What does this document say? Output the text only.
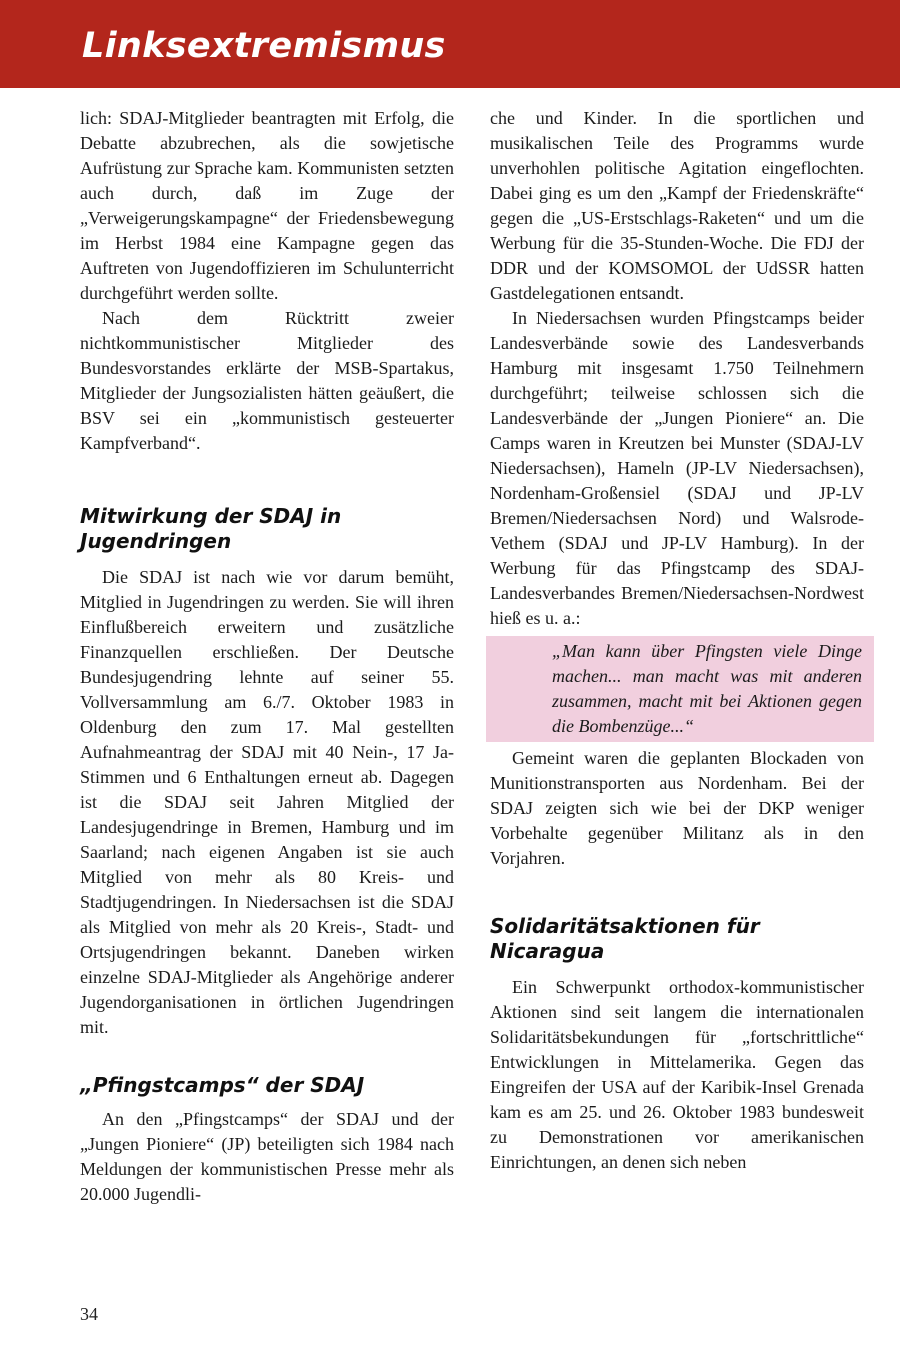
Linksextremismus

lich: SDAJ-Mitglieder beantragten mit Erfolg, die Debatte abzubrechen, als die sowjetische Aufrüstung zur Sprache kam. Kommunisten setzten auch durch, daß im Zuge der „Verweigerungskampagne“ der Friedensbewegung im Herbst 1984 eine Kampagne gegen das Auftreten von Jugendoffizieren im Schulunterricht durchgeführt werden sollte.

Nach dem Rücktritt zweier nichtkommunistischer Mitglieder des Bundesvorstandes erklärte der MSB-Spartakus, Mitglieder der Jungsozialisten hätten geäußert, die BSV sei ein „kommunistisch gesteuerter Kampfverband“.

Mitwirkung der SDAJ in Jugendringen

Die SDAJ ist nach wie vor darum bemüht, Mitglied in Jugendringen zu werden. Sie will ihren Einflußbereich erweitern und zusätzliche Finanzquellen erschließen. Der Deutsche Bundesjugendring lehnte auf seiner 55. Vollversammlung am 6./7. Oktober 1983 in Oldenburg den zum 17. Mal gestellten Aufnahmeantrag der SDAJ mit 40 Nein-, 17 Ja-Stimmen und 6 Enthaltungen erneut ab. Dagegen ist die SDAJ seit Jahren Mitglied der Landesjugendringe in Bremen, Hamburg und im Saarland; nach eigenen Angaben ist sie auch Mitglied von mehr als 80 Kreis- und Stadtjugendringen. In Niedersachsen ist die SDAJ als Mitglied von mehr als 20 Kreis-, Stadt- und Ortsjugendringen bekannt. Daneben wirken einzelne SDAJ-Mitglieder als Angehörige anderer Jugendorganisationen in örtlichen Jugendringen mit.

„Pfingstcamps“ der SDAJ

An den „Pfingstcamps“ der SDAJ und der „Jungen Pioniere“ (JP) beteiligten sich 1984 nach Meldungen der kommunistischen Presse mehr als 20.000 Jugendli-

che und Kinder. In die sportlichen und musikalischen Teile des Programms wurde unverhohlen politische Agitation eingeflochten. Dabei ging es um den „Kampf der Friedenskräfte“ gegen die „US-Erstschlags-Raketen“ und um die Werbung für die 35-Stunden-Woche. Die FDJ der DDR und der KOMSOMOL der UdSSR hatten Gastdelegationen entsandt.

In Niedersachsen wurden Pfingstcamps beider Landesverbände sowie des Landesverbands Hamburg mit insgesamt 1.750 Teilnehmern durchgeführt; teilweise schlossen sich die Landesverbände der „Jungen Pioniere“ an. Die Camps waren in Kreutzen bei Munster (SDAJ-LV Niedersachsen), Hameln (JP-LV Niedersachsen), Nordenham-Großensiel (SDAJ und JP-LV Bremen/Niedersachsen Nord) und Walsrode-Vethem (SDAJ und JP-LV Hamburg). In der Werbung für das Pfingstcamp des SDAJ-Landesverbandes Bremen/Niedersachsen-Nordwest hieß es u. a.:

„Man kann über Pfingsten viele Dinge machen... man macht was mit anderen zusammen, macht mit bei Aktionen gegen die Bombenzüge...“

Gemeint waren die geplanten Blockaden von Munitionstransporten aus Nordenham. Bei der SDAJ zeigten sich wie bei der DKP weniger Vorbehalte gegenüber Militanz als in den Vorjahren.

Solidaritätsaktionen für Nicaragua

Ein Schwerpunkt orthodox-kommunistischer Aktionen sind seit langem die internationalen Solidaritätsbekundungen für „fortschrittliche“ Entwicklungen in Mittelamerika. Gegen das Eingreifen der USA auf der Karibik-Insel Grenada kam es am 25. und 26. Oktober 1983 bundesweit zu Demonstrationen vor amerikanischen Einrichtungen, an denen sich neben

34
